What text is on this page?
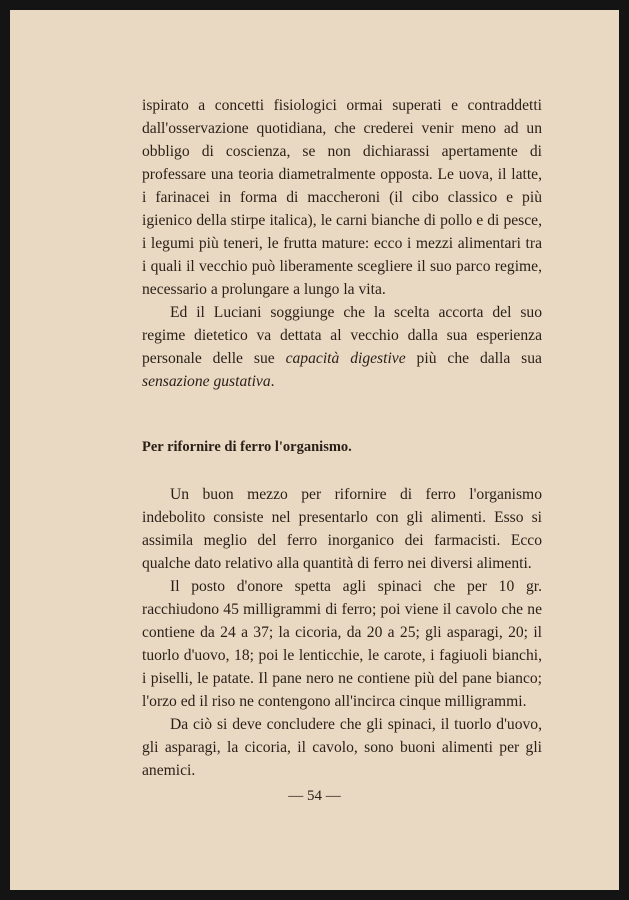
ispirato a concetti fisiologici ormai superati e contraddetti dall'osservazione quotidiana, che crederei venir meno ad un obbligo di coscienza, se non dichiarassi apertamente di professare una teoria diametralmente opposta. Le uova, il latte, i farinacei in forma di maccheroni (il cibo classico e più igienico della stirpe italica), le carni bianche di pollo e di pesce, i legumi più teneri, le frutta mature: ecco i mezzi alimentari tra i quali il vecchio può liberamente scegliere il suo parco regime, necessario a prolungare a lungo la vita.

Ed il Luciani soggiunge che la scelta accorta del suo regime dietetico va dettata al vecchio dalla sua esperienza personale delle sue capacità digestive più che dalla sua sensazione gustativa.

Per rifornire di ferro l'organismo.

Un buon mezzo per rifornire di ferro l'organismo indebolito consiste nel presentarlo con gli alimenti. Esso si assimila meglio del ferro inorganico dei farmacisti. Ecco qualche dato relativo alla quantità di ferro nei diversi alimenti.

Il posto d'onore spetta agli spinaci che per 10 gr. racchiudono 45 milligrammi di ferro; poi viene il cavolo che ne contiene da 24 a 37; la cicoria, da 20 a 25; gli asparagi, 20; il tuorlo d'uovo, 18; poi le lenticchie, le carote, i fagiuoli bianchi, i piselli, le patate. Il pane nero ne contiene più del pane bianco; l'orzo ed il riso ne contengono all'incirca cinque milligrammi.

Da ciò si deve concludere che gli spinaci, il tuorlo d'uovo, gli asparagi, la cicoria, il cavolo, sono buoni alimenti per gli anemici.

— 54 —
